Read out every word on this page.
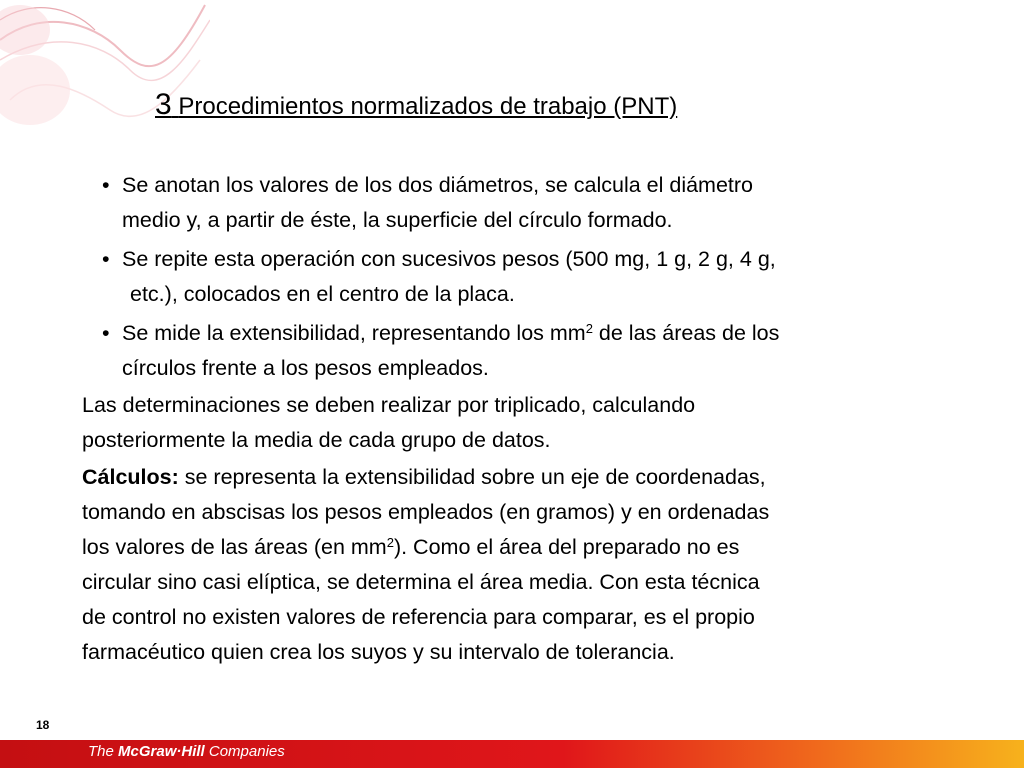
3 Procedimientos normalizados de trabajo (PNT)
• Se anotan los valores de los dos diámetros, se calcula el diámetro
medio y, a partir de éste, la superficie del círculo formado.
• Se repite esta operación con sucesivos pesos (500 mg, 1 g, 2 g, 4 g,
etc.), colocados en el centro de la placa.
• Se mide la extensibilidad, representando los $mm^2$ de las áreas de los
círculos frente a los pesos empleados.
Las determinaciones se deben realizar por triplicado, calculando
posteriormente la media de cada grupo de datos.
Cálculos: se representa la extensibilidad sobre un eje de coordenadas,
tomando en abscisas los pesos empleados (en gramos) y en ordenadas
los valores de las áreas (en $mm^2$). Como el área del preparado no es
circular sino casi elíptica, se determina el área media. Con esta técnica
de control no existen valores de referencia para comparar, es el propio
farmacéutico quien crea los suyos y su intervalo de tolerancia.
18
The McGraw·Hill Companies
